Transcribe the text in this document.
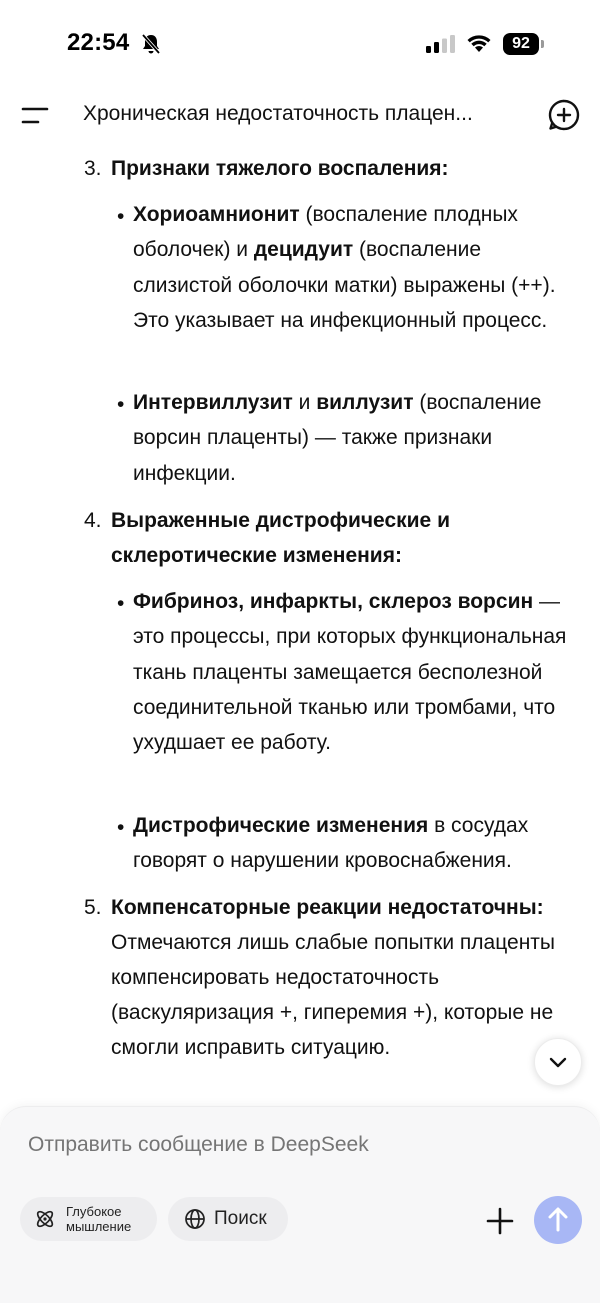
22:54	92
Хроническая недостаточность плацен...
3. Признаки тяжелого воспаления:
• Хориоамнионит (воспаление плодных оболочек) и децидуит (воспаление слизистой оболочки матки) выражены (++). Это указывает на инфекционный процесс.
• Интервиллузит и виллузит (воспаление ворсин плаценты) — также признаки инфекции.
4. Выраженные дистрофические и склеротические изменения:
• Фибриноз, инфаркты, склероз ворсин — это процессы, при которых функциональная ткань плаценты замещается бесполезной соединительной тканью или тромбами, что ухудшает ее работу.
• Дистрофические изменения в сосудах говорят о нарушении кровоснабжения.
5. Компенсаторные реакции недостаточны:
Отмечаются лишь слабые попытки плаценты компенсировать недостаточность (васкуляризация +, гиперемия +), которые не смогли исправить ситуацию.
Отправить сообщение в DeepSeek
Глубокое
мышление	Поиск
